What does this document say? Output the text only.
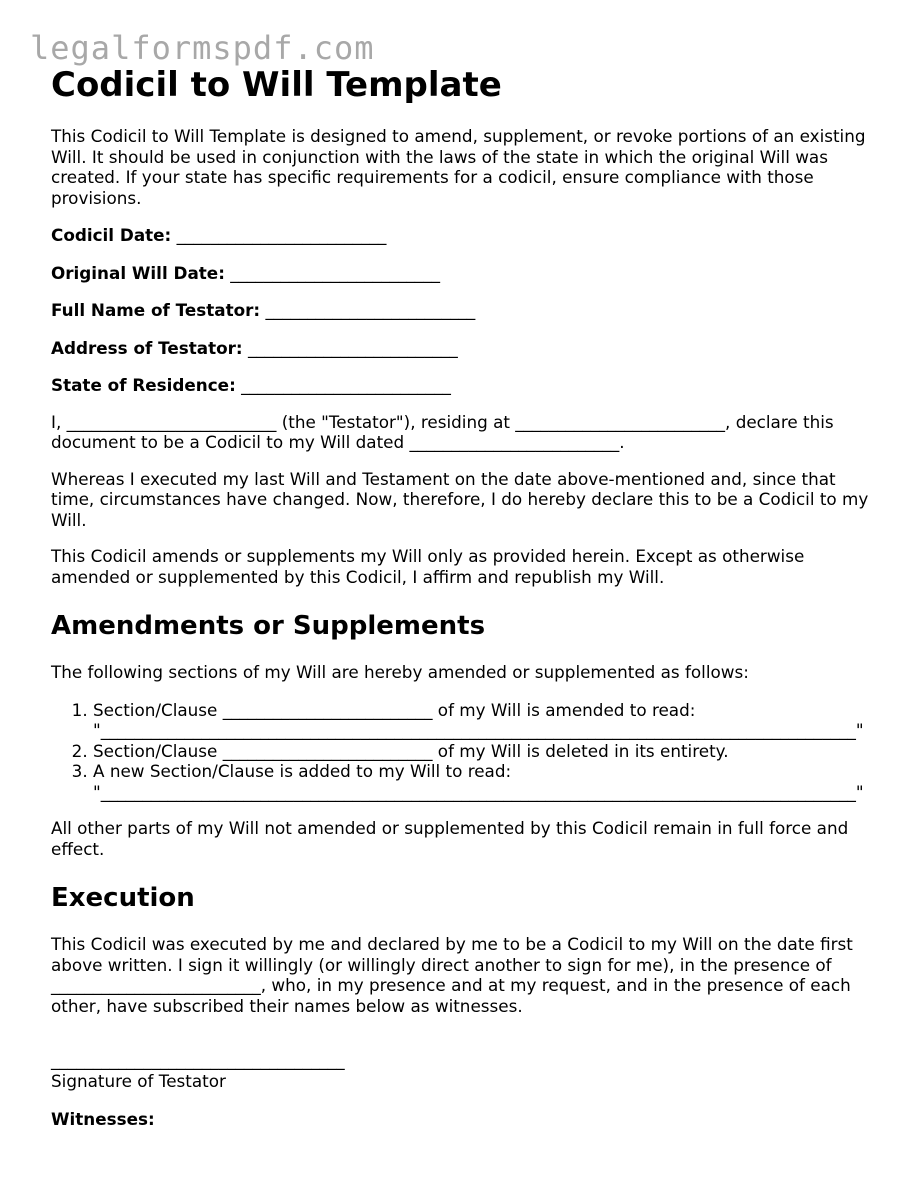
legalformspdf.com
Codicil to Will Template

This Codicil to Will Template is designed to amend, supplement, or revoke portions of an existing Will. It should be used in conjunction with the laws of the state in which the original Will was created. If your state has specific requirements for a codicil, ensure compliance with those provisions.

Codicil Date: _________________________

Original Will Date: _________________________

Full Name of Testator: _________________________

Address of Testator: _________________________

State of Residence: _________________________

I, _________________________ (the "Testator"), residing at _________________________, declare this document to be a Codicil to my Will dated _________________________.

Whereas I executed my last Will and Testament on the date above-mentioned and, since that time, circumstances have changed. Now, therefore, I do hereby declare this to be a Codicil to my Will.

This Codicil amends or supplements my Will only as provided herein. Except as otherwise amended or supplemented by this Codicil, I affirm and republish my Will.

Amendments or Supplements

The following sections of my Will are hereby amended or supplemented as follows:

1. Section/Clause _________________________ of my Will is amended to read:
"__________________________________________________________________________________________"
2. Section/Clause _________________________ of my Will is deleted in its entirety.
3. A new Section/Clause is added to my Will to read:
"__________________________________________________________________________________________"

All other parts of my Will not amended or supplemented by this Codicil remain in full force and effect.

Execution

This Codicil was executed by me and declared by me to be a Codicil to my Will on the date first above written. I sign it willingly (or willingly direct another to sign for me), in the presence of _________________________, who, in my presence and at my request, and in the presence of each other, have subscribed their names below as witnesses.

___________________________________

Signature of Testator

Witnesses:
